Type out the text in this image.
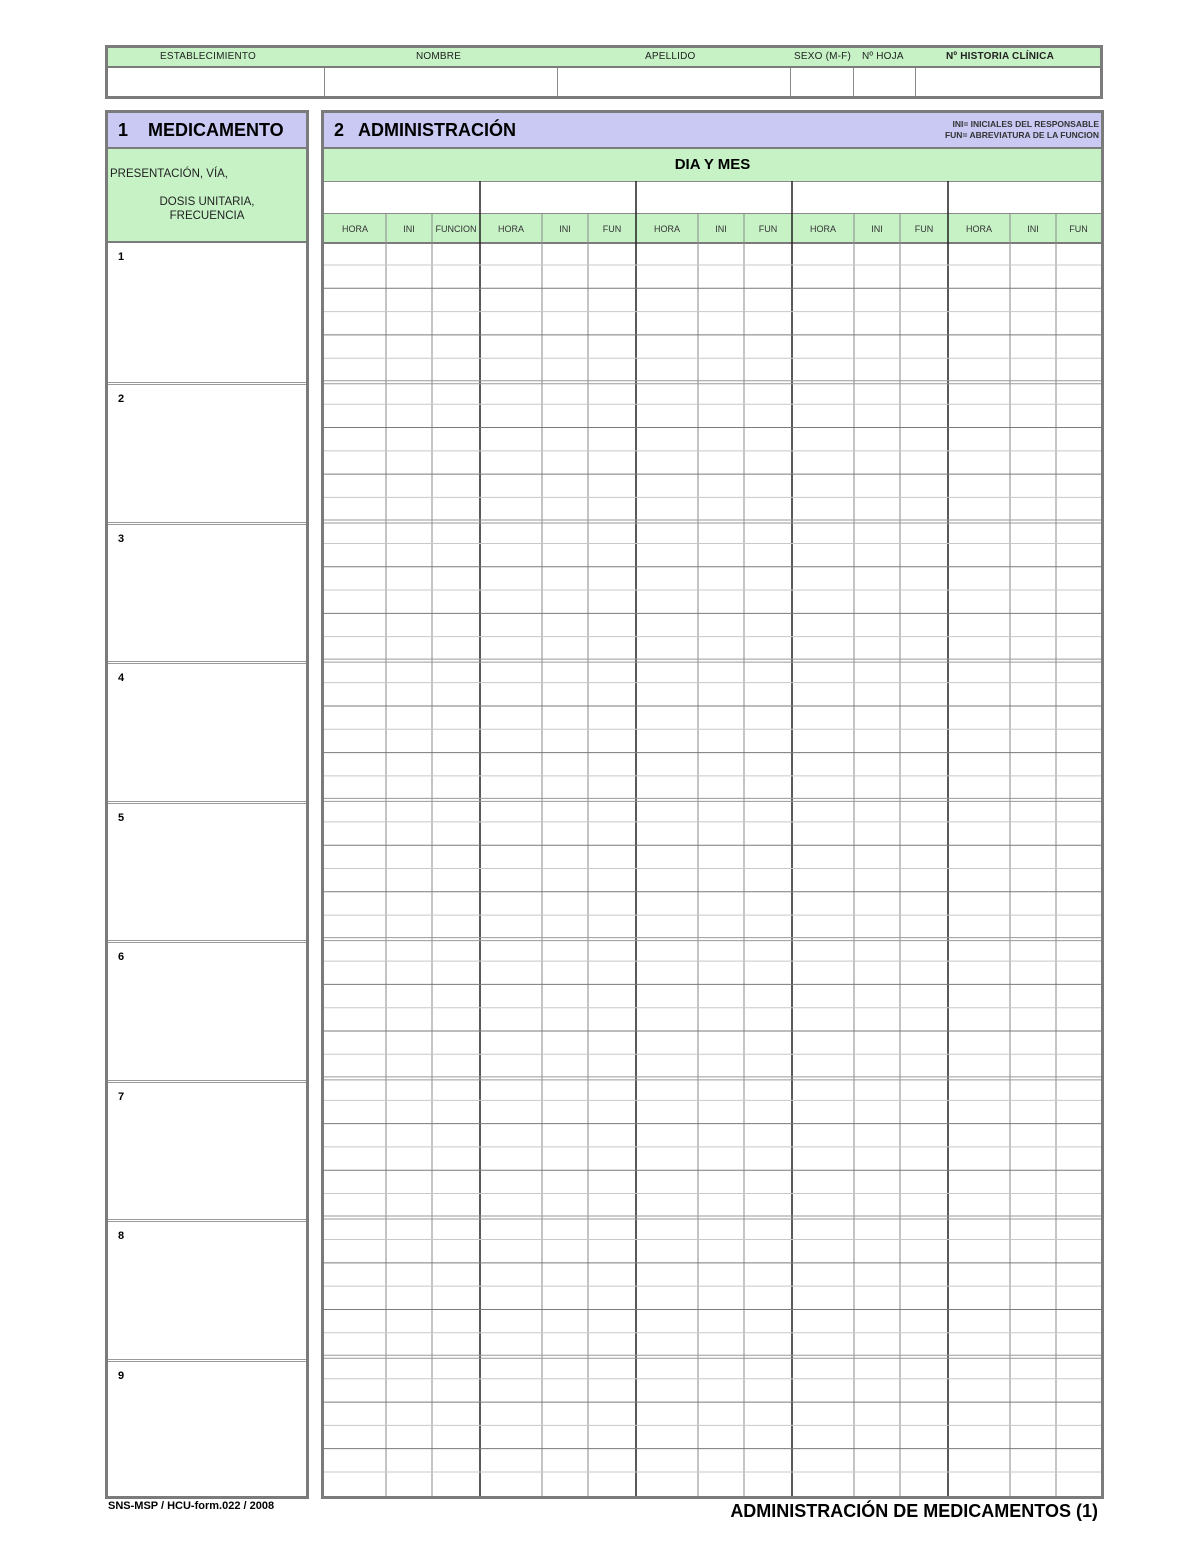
ESTABLECIMIENTO	NOMBRE	APELLIDO	SEXO (M-F) Nº HOJA	Nº HISTORIA CLÍNICA
1 MEDICAMENTO
PRESENTACIÓN, VÍA,
DOSIS UNITARIA,
FRECUENCIA
1
2
3
4
5
6
7
8
9
2 ADMINISTRACIÓN	INI= INICIALES DEL RESPONSABLE
FUN= ABREVIATURA DE LA FUNCION
DIA Y MES
HORA	INI	FUNCION	HORA	INI	FUN	HORA	INI	FUN	HORA	INI	FUN	HORA	INI	FUN
SNS-MSP / HCU-form.022 / 2008	ADMINISTRACIÓN DE MEDICAMENTOS (1)
